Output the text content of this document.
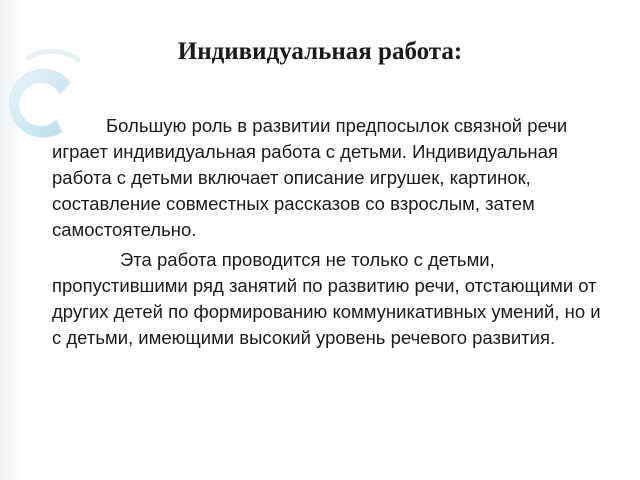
Индивидуальная работа:

Большую роль в развитии предпосылок связной речи играет индивидуальная работа с детьми. Индивидуальная работа с детьми включает описание игрушек, картинок, составление совместных рассказов со взрослым, затем самостоятельно.

Эта работа проводится не только с детьми, пропустившими ряд занятий по развитию речи, отстающими от других детей по формированию коммуникативных умений, но и с детьми, имеющими высокий уровень речевого развития.
